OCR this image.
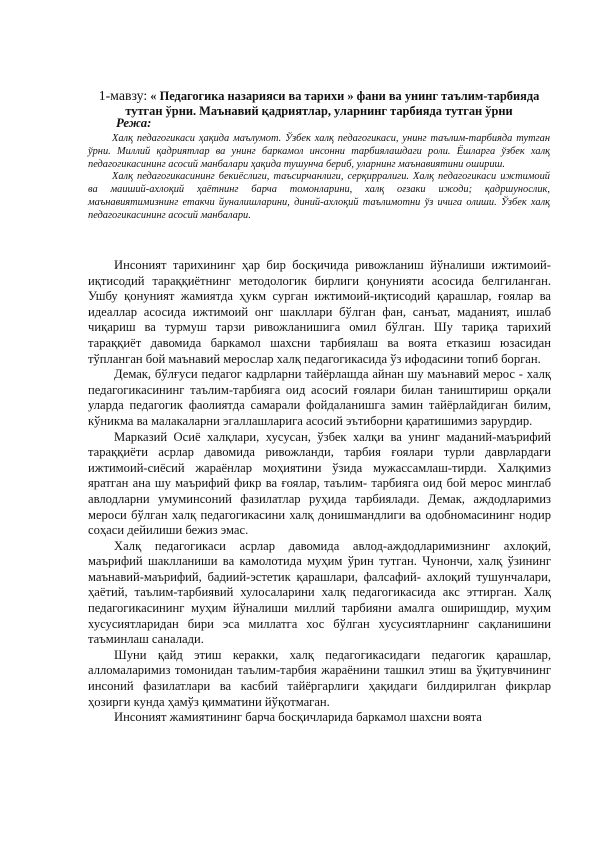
1-мавзу: « Педагогика назарияси ва тарихи » фани ва унинг таълим-тарбияда тутган ўрни. Маънавий қадриятлар, уларнинг тарбияда тутган ўрни
Режа:

Халқ педагогикаси ҳақида маълумот. Ўзбек халқ педагогикаси, унинг таълим-тарбияда тутган ўрни. Миллий қадриятлар ва унинг баркамол инсонни тарбиялашдаги роли. Ёшларга ўзбек халқ педагогикасининг асосий манбалари ҳақида тушунча бериб, уларнинг маънавиятини ошириш.

Халқ педагогикасининг бекиёслиги, таъсирчанлиги, серқирралиги. Халқ педагогикаси ижтимоий ва маиший-ахлоқий ҳаётнинг барча томонларини, халқ оғзаки ижоди; қадршунослик, маънавиятимизнинг етакчи йуналишларини, диний-ахлоқий таълимотни ўз ичига олиши. Ўзбек халқ педагогикасининг асосий манбалари.

Инсоният тарихининг ҳар бир босқичида ривожланиш йўналиши ижтимоий-иқтисодий тараққиётнинг методологик бирлиги қонунияти асосида белгиланган. Ушбу қонуният жамиятда ҳукм сурган ижтимоий-иқтисодий қарашлар, ғоялар ва идеаллар асосида ижтимоий онг шакллари бўлган фан, санъат, маданият, ишлаб чиқариш ва турмуш тарзи ривожланишига омил бўлган. Шу тариқа тарихий тараққиёт давомида баркамол шахсни тарбиялаш ва воята етказиш юзасидан тўпланган бой маънавий мерослар халқ педагогикасида ўз ифодасини топиб борган.

Демак, бўлғуси педагог кадрларни тайёрлашда айнан шу маънавий мерос - халқ педагогикасининг таълим-тарбияга оид асосий ғоялари билан таништириш орқали уларда педагогик фаолиятда самарали фойдаланишга замин тайёрлайдиган билим, кўникма ва малакаларни эгаллашларига асосий эътиборни қаратишимиз зарурдир.

Марказий Осиё халқлари, хусусан, ўзбек халқи ва унинг маданий-маърифий тараққиёти асрлар давомида ривожланди, тарбия ғоялари турли даврлардаги ижтимоий-сиёсий жараёнлар моҳиятини ўзида мужассамлаш-тирди. Халқимиз яратган ана шу маърифий фикр ва ғоялар, таълим- тарбияга оид бой мерос минглаб авлодларни умуминсоний фазилатлар руҳида тарбиялади. Демак, аждодларимиз мероси бўлган халқ педагогикасини халқ донишмандлиги ва одобномасининг нодир соҳаси дейилиши бежиз эмас.

Халқ педагогикаси асрлар давомида авлод-аждодларимизнинг ахлоқий, маърифий шаклланиши ва камолотида муҳим ўрин тутган. Чунончи, халқ ўзининг маънавий-маърифий, бадиий-эстетик қарашлари, фалсафий- ахлоқий тушунчалари, ҳаётий, таълим-тарбиявий хулосаларини халқ педагогикасида акс эттирган. Халқ педагогикасининг муҳим йўналиши миллий тарбияни амалга оширишдир, муҳим хусусиятларидан бири эса миллатга хос бўлган хусусиятларнинг сақланишини таъминлаш саналади.

Шуни қайд этиш керакки, халқ педагогикасидаги педагогик қарашлар, алломаларимиз томонидан таълим-тарбия жараёнини ташкил этиш ва ўқитувчининг инсоний фазилатлари ва касбий тайёргарлиги ҳақидаги билдирилган фикрлар ҳозирги кунда ҳамўз қимматини йўқотмаган.

Инсоният жамиятининг барча босқичларида баркамол шахсни воята
